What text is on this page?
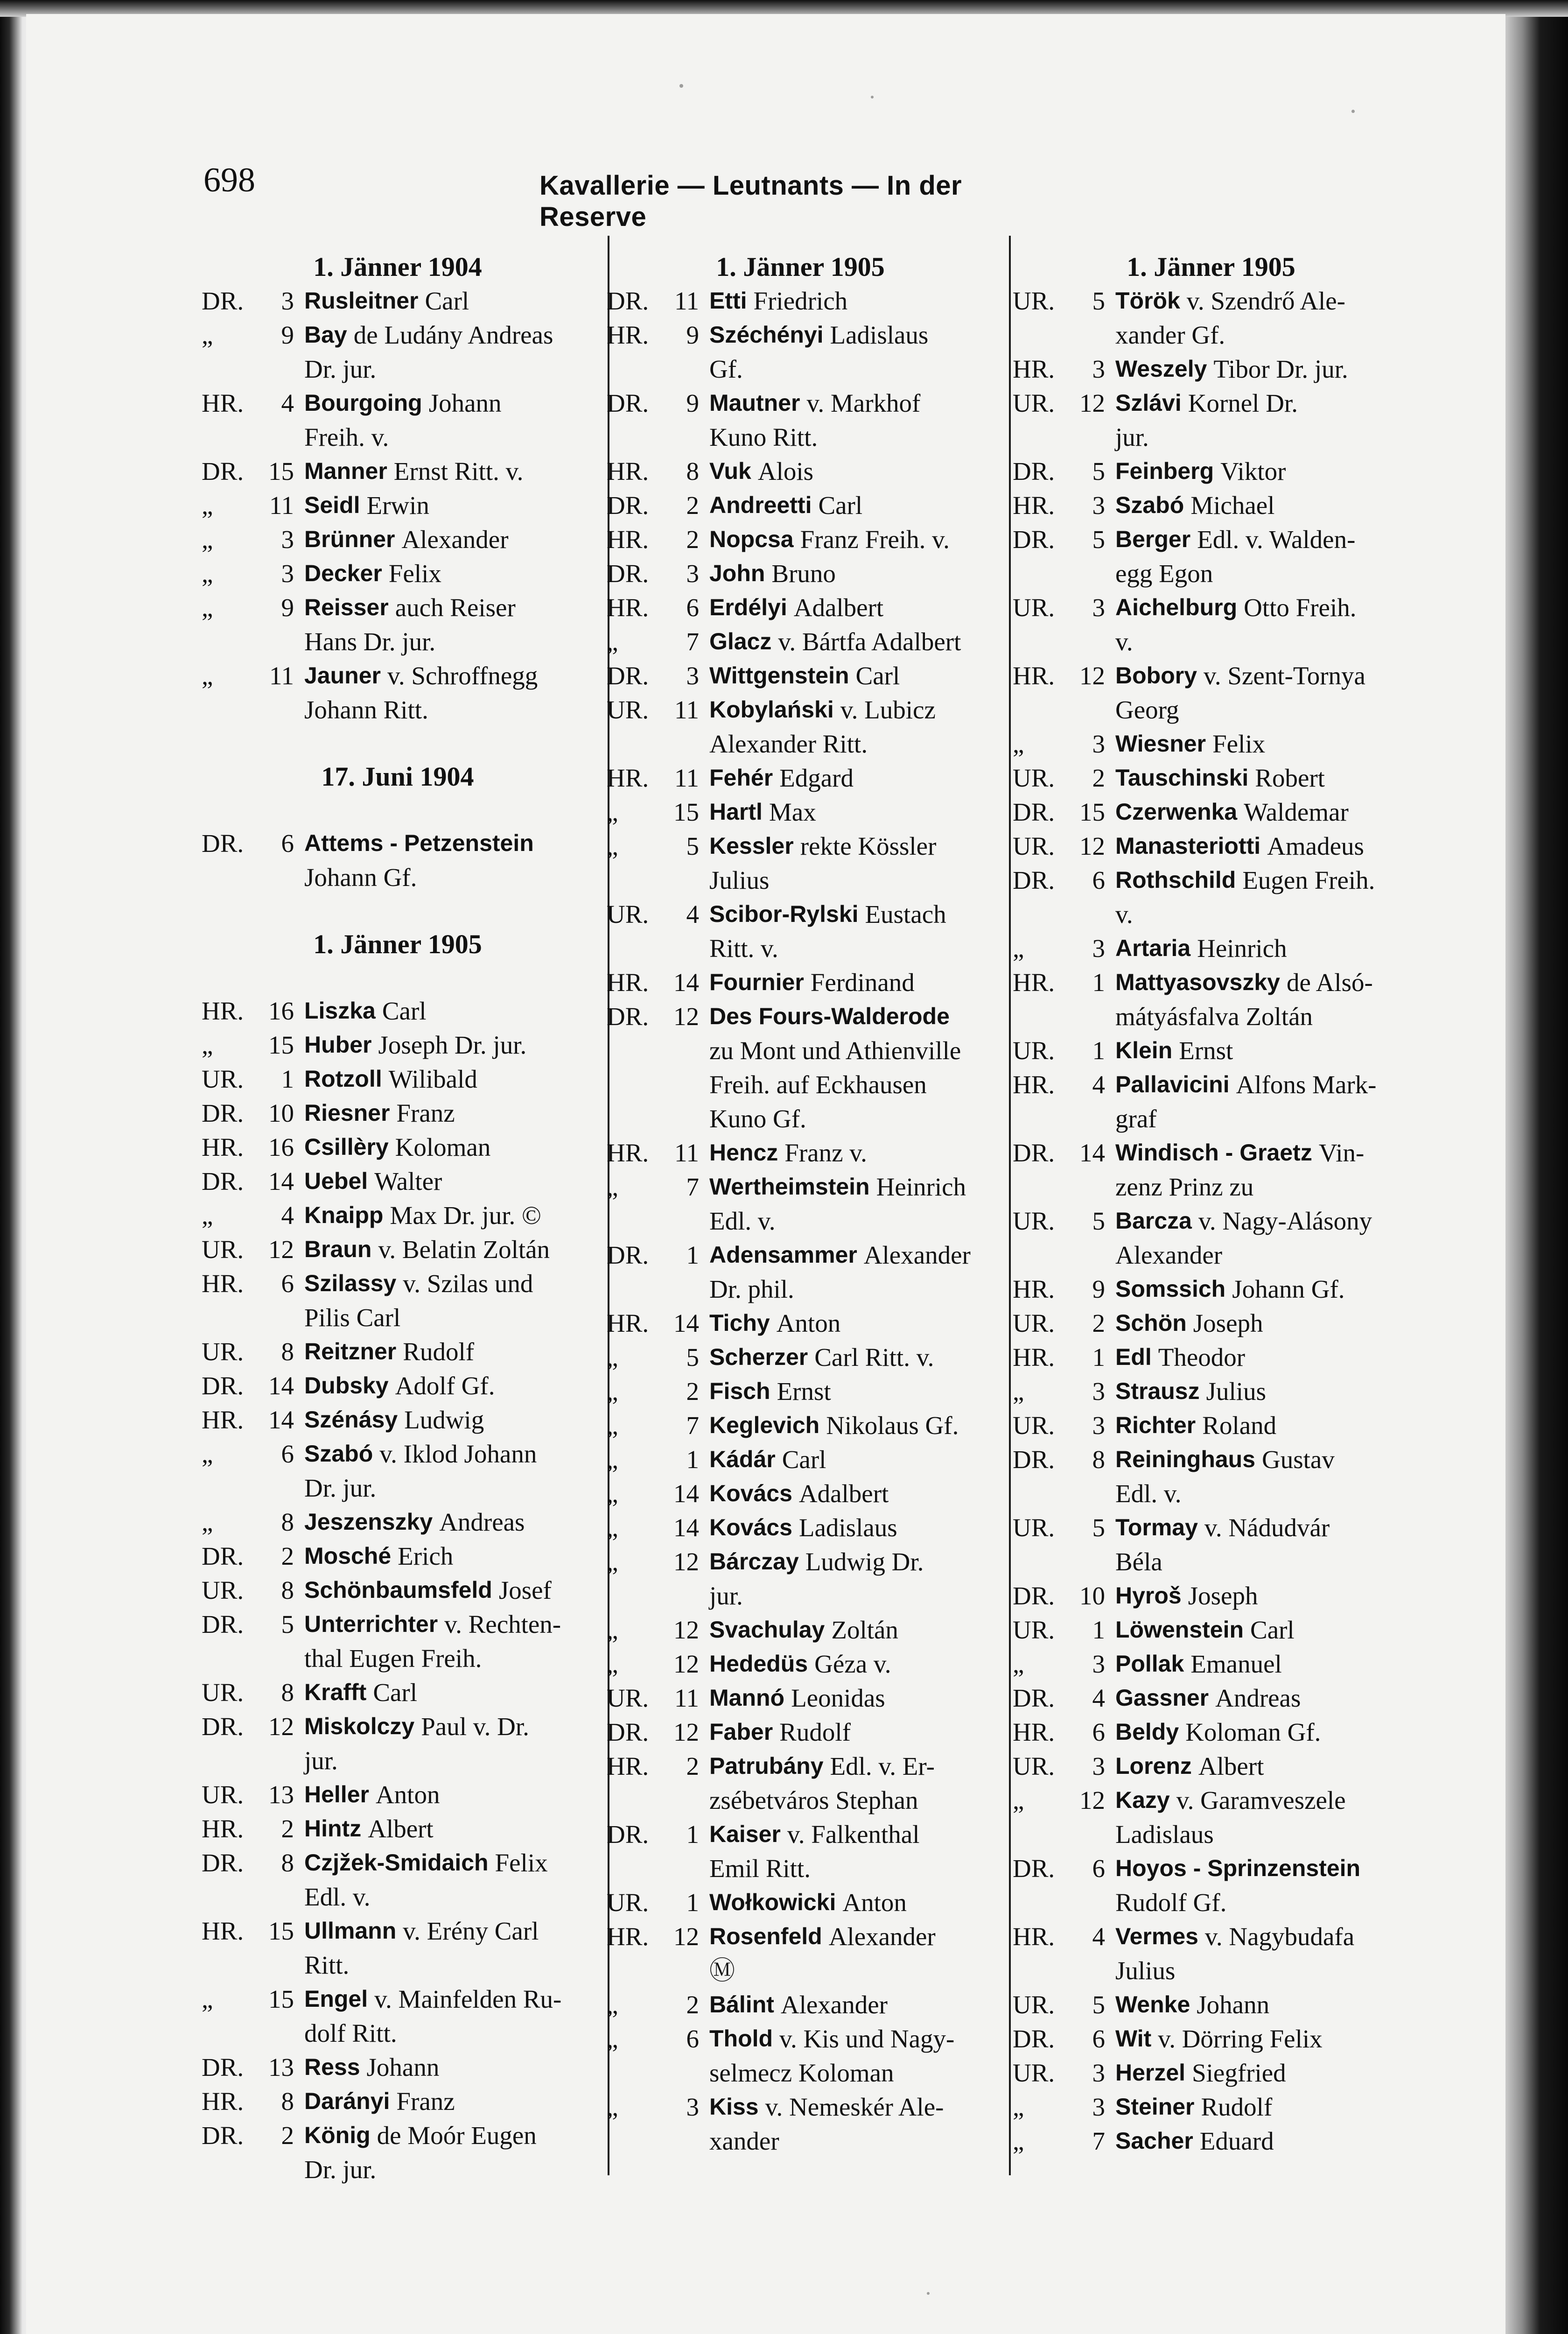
698	Kavallerie — Leutnants — In der Reserve
1. Jänner 1904
DR.	3 Rusleitner Carl
„	9 Bay de Ludány Andreas
Dr. jur.
HR.	4 Bourgoing Johann
Freih. v.
DR. 15 Manner Ernst Ritt. v.
„	11 Seidl Erwin
„	3 Brünner Alexander
„	3 Decker Felix
„	9 Reisser auch Reiser
Hans Dr. jur.
„	11 Jauner v. Schroffnegg
Johann Ritt.
17. Juni 1904
DR.	6 Attems - Petzenstein
Johann Gf.
1. Jänner 1905
HR. 16 Liszka Carl
„ 15 Huber Joseph Dr. jur.
UR.	1 Rotzoll Wilibald
DR. 10 Riesner Franz
HR. 16 Csillèry Koloman
DR. 14 Uebel Walter
„	4 Knaipp Max Dr. jur. ©
UR. 12 Braun v. Belatin Zoltán
HR.	6 Szilassy v. Szilas und
Pilis Carl
UR.	8 Reitzner Rudolf
DR. 14 Dubsky Adolf Gf.
HR. 14 Szénásy Ludwig
„	6 Szabó v. Iklod Johann
Dr. jur.
„	8 Jeszenszky Andreas
DR.	2 Mosché Erich
UR.	8 Schönbaumsfeld Josef
DR.	5 Unterrichter v. Rechten-
thal Eugen Freih.
UR.	8 Krafft Carl
DR. 12 Miskolczy Paul v. Dr.
jur.
UR. 13 Heller Anton
HR.	2 Hintz Albert
DR.	8 Czjžek-Smidaich Felix
Edl. v.
HR. 15 Ullmann v. Erény Carl
Ritt.
„ 15 Engel v. Mainfelden Ru-
dolf Ritt.
DR. 13 Ress Johann
HR.	8 Darányi Franz
DR.	2 König de Moór Eugen
Dr. jur.
1. Jänner 1905
DR. 11 Etti Friedrich
HR.	9 Széchényi Ladislaus
Gf.
DR.	9 Mautner v. Markhof
Kuno Ritt.
HR.	8 Vuk Alois
DR.	2 Andreetti Carl
HR.	2 Nopcsa Franz Freih. v.
DR.	3 John Bruno
HR.	6 Erdélyi Adalbert
„	7 Glacz v. Bártfa Adalbert
DR.	3 Wittgenstein Carl
UR. 11 Kobylański v. Lubicz
Alexander Ritt.
HR. 11 Fehér Edgard
„ 15 Hartl Max
„	5 Kessler rekte Kössler
Julius
UR.	4 Scibor-Rylski Eustach
Ritt. v.
HR. 14 Fournier Ferdinand
DR. 12 Des Fours-Walderode
zu Mont und Athienville
Freih. auf Eckhausen
Kuno Gf.
HR. 11 Hencz Franz v.
„	7 Wertheimstein Heinrich
Edl. v.
DR.	1 Adensammer Alexander
Dr. phil.
HR. 14 Tichy Anton
„	5 Scherzer Carl Ritt. v.
„	2 Fisch Ernst
„	7 Keglevich Nikolaus Gf.
„	1 Kádár Carl
„ 14 Kovács Adalbert
„ 14 Kovács Ladislaus
„ 12 Bárczay Ludwig Dr.
jur.
„ 12 Svachulay Zoltán
„ 12 Hededüs Géza v.
UR. 11 Mannó Leonidas
DR. 12 Faber Rudolf
HR.	2 Patrubány Edl. v. Er-
zsébetváros Stephan
DR.	1 Kaiser v. Falkenthal
Emil Ritt.
UR.	1 Wołkowicki Anton
HR. 12 Rosenfeld Alexander
Ⓜ
„	2 Bálint Alexander
„	6 Thold v. Kis und Nagy-
selmecz Koloman
„	3 Kiss v. Nemeskér Ale-
xander
1. Jänner 1905
UR.	5 Török v. Szendrő Ale-
xander Gf.
HR.	3 Weszely Tibor Dr. jur.
UR. 12 Szlávi Kornel Dr.
jur.
DR.	5 Feinberg Viktor
HR.	3 Szabó Michael
DR.	5 Berger Edl. v. Walden-
egg Egon
UR.	3 Aichelburg Otto Freih.
v.
HR. 12 Bobory v. Szent-Tornya
Georg
„	3 Wiesner Felix
UR.	2 Tauschinski Robert
DR. 15 Czerwenka Waldemar
UR. 12 Manasteriotti Amadeus
DR.	6 Rothschild Eugen Freih.
v.
„	3 Artaria Heinrich
HR.	1 Mattyasovszky de Alsó-
mátyásfalva Zoltán
UR.	1 Klein Ernst
HR.	4 Pallavicini Alfons Mark-
graf
DR. 14 Windisch - Graetz Vin-
zenz Prinz zu
UR.	5 Barcza v. Nagy-Alásony
Alexander
HR.	9 Somssich Johann Gf.
UR.	2 Schön Joseph
HR.	1 Edl Theodor
„	3 Strausz Julius
UR.	3 Richter Roland
DR.	8 Reininghaus Gustav
Edl. v.
UR.	5 Tormay v. Nádudvár
Béla
DR. 10 Hyroš Joseph
UR.	1 Löwenstein Carl
„	3 Pollak Emanuel
DR.	4 Gassner Andreas
HR.	6 Beldy Koloman Gf.
UR.	3 Lorenz Albert
„ 12 Kazy v. Garamveszele
Ladislaus
DR.	6 Hoyos - Sprinzenstein
Rudolf Gf.
HR.	4 Vermes v. Nagybudafa
Julius
UR.	5 Wenke Johann
DR.	6 Wit v. Dörring Felix
UR.	3 Herzel Siegfried
„	3 Steiner Rudolf
„	7 Sacher Eduard
